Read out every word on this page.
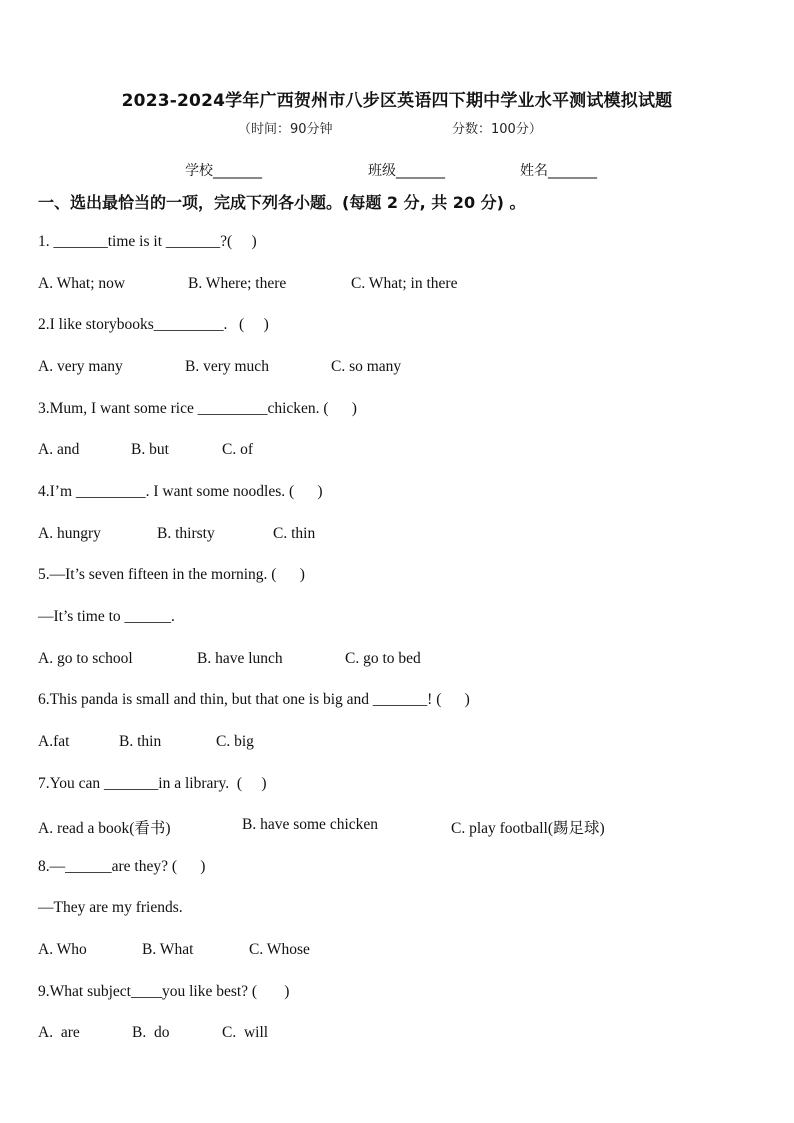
2023-2024学年广西贺州市八步区英语四下期中学业水平测试模拟试题
（时间：90分钟	分数：100分）
学校_______	班级_______	姓名_______
一、选出最恰当的一项，完成下列各小题。(每题 2 分, 共 20 分) 。
1. _______time is it _______?(     )
A. What; now	B. Where; there	C. What; in there
2.I like storybooks_________.   (     )
A. very many	B. very much	C. so many
3.Mum, I want some rice _________chicken. (      )
A. and	B. but	C. of
4.I’m _________. I want some noodles. (      )
A. hungry	B. thirsty	C. thin
5.—It’s seven fifteen in the morning. (      )
—It’s time to ______.
A. go to school	B. have lunch	C. go to bed
6.This panda is small and thin, but that one is big and _______! (      )
A.fat	B. thin	C. big
7.You can _______in a library.  (     )
A. read a book(看书)	B. have some chicken	C. play football(踢足球)
8.—______are they? (      )
—They are my friends.
A. Who	B. What	C. Whose
9.What subject____you like best? (       )
A.  are	B.  do	C.  will
